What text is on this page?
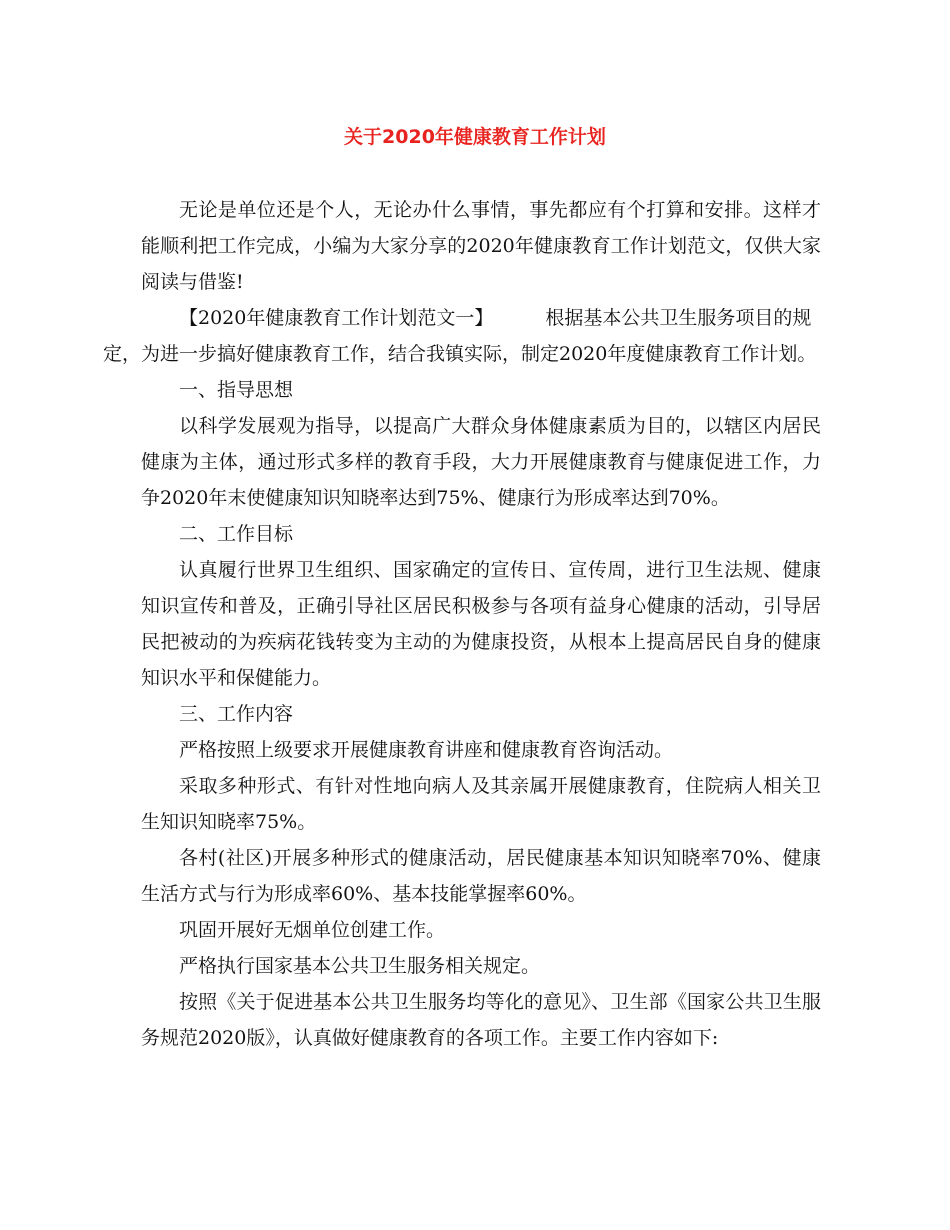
关于2020年健康教育工作计划

无论是单位还是个人，无论办什么事情，事先都应有个打算和安排。这样才能顺利把工作完成，小编为大家分享的2020年健康教育工作计划范文，仅供大家阅读与借鉴!

【2020年健康教育工作计划范文一】	根据基本公共卫生服务项目的规
定，为进一步搞好健康教育工作，结合我镇实际，制定2020年度健康教育工作计划。

一、指导思想

以科学发展观为指导，以提高广大群众身体健康素质为目的，以辖区内居民健康为主体，通过形式多样的教育手段，大力开展健康教育与健康促进工作，力争2020年末使健康知识知晓率达到75%、健康行为形成率达到70%。

二、工作目标

认真履行世界卫生组织、国家确定的宣传日、宣传周，进行卫生法规、健康知识宣传和普及，正确引导社区居民积极参与各项有益身心健康的活动，引导居民把被动的为疾病花钱转变为主动的为健康投资，从根本上提高居民自身的健康知识水平和保健能力。

三、工作内容

严格按照上级要求开展健康教育讲座和健康教育咨询活动。

采取多种形式、有针对性地向病人及其亲属开展健康教育，住院病人相关卫生知识知晓率75%。

各村(社区)开展多种形式的健康活动，居民健康基本知识知晓率70%、健康生活方式与行为形成率60%、基本技能掌握率60%。

巩固开展好无烟单位创建工作。

严格执行国家基本公共卫生服务相关规定。

按照《关于促进基本公共卫生服务均等化的意见》、卫生部《国家公共卫生服务规范2020版》，认真做好健康教育的各项工作。主要工作内容如下:
